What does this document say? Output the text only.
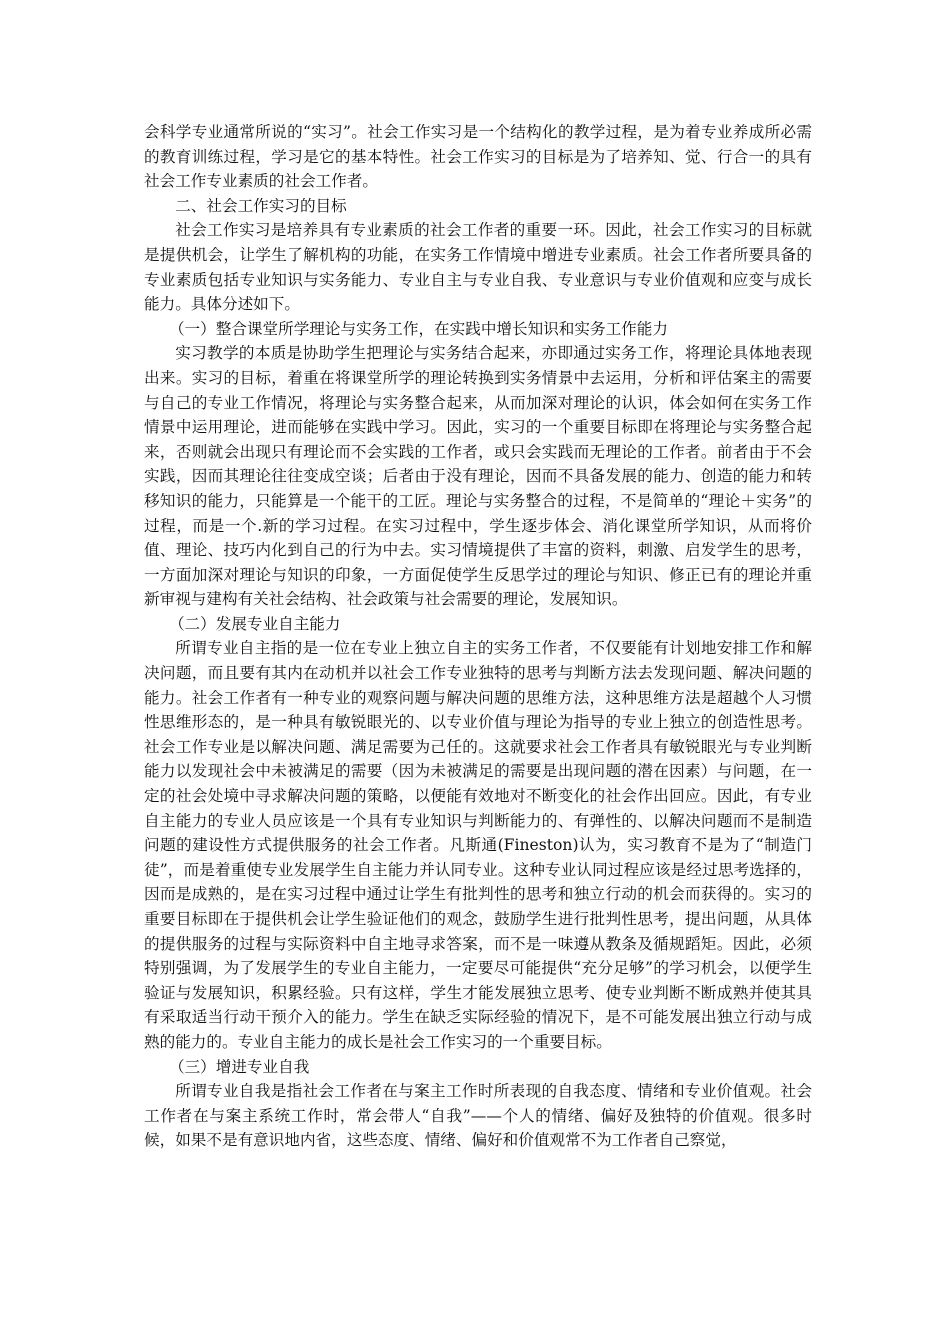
会科学专业通常所说的“实习”。社会工作实习是一个结构化的教学过程，是为着专业养成所必需的教育训练过程，学习是它的基本特性。社会工作实习的目标是为了培养知、觉、行合一的具有社会工作专业素质的社会工作者。

二、社会工作实习的目标

社会工作实习是培养具有专业素质的社会工作者的重要一环。因此，社会工作实习的目标就是提供机会，让学生了解机构的功能，在实务工作情境中增进专业素质。社会工作者所要具备的专业素质包括专业知识与实务能力、专业自主与专业自我、专业意识与专业价值观和应变与成长能力。具体分述如下。

（一）整合课堂所学理论与实务工作，在实践中增长知识和实务工作能力

实习教学的本质是协助学生把理论与实务结合起来，亦即通过实务工作，将理论具体地表现出来。实习的目标，着重在将课堂所学的理论转换到实务情景中去运用，分析和评估案主的需要与自己的专业工作情况，将理论与实务整合起来，从而加深对理论的认识，体会如何在实务工作情景中运用理论，进而能够在实践中学习。因此，实习的一个重要目标即在将理论与实务整合起来，否则就会出现只有理论而不会实践的工作者，或只会实践而无理论的工作者。前者由于不会实践，因而其理论往往变成空谈；后者由于没有理论，因而不具备发展的能力、创造的能力和转移知识的能力，只能算是一个能干的工匠。理论与实务整合的过程，不是简单的“理论＋实务”的过程，而是一个.新的学习过程。在实习过程中，学生逐步体会、消化课堂所学知识，从而将价值、理论、技巧内化到自己的行为中去。实习情境提供了丰富的资料，刺激、启发学生的思考，一方面加深对理论与知识的印象，一方面促使学生反思学过的理论与知识、修正已有的理论并重新审视与建构有关社会结构、社会政策与社会需要的理论，发展知识。

（二）发展专业自主能力

所谓专业自主指的是一位在专业上独立自主的实务工作者，不仅要能有计划地安排工作和解决问题，而且要有其内在动机并以社会工作专业独特的思考与判断方法去发现问题、解决问题的能力。社会工作者有一种专业的观察问题与解决问题的思维方法，这种思维方法是超越个人习惯性思维形态的，是一种具有敏锐眼光的、以专业价值与理论为指导的专业上独立的创造性思考。社会工作专业是以解决问题、满足需要为己任的。这就要求社会工作者具有敏锐眼光与专业判断能力以发现社会中未被满足的需要（因为未被满足的需要是出现问题的潜在因素）与问题，在一定的社会处境中寻求解决问题的策略，以便能有效地对不断变化的社会作出回应。因此，有专业自主能力的专业人员应该是一个具有专业知识与判断能力的、有弹性的、以解决问题而不是制造问题的建设性方式提供服务的社会工作者。凡斯通(Fineston)认为，实习教育不是为了“制造门徒”，而是着重使专业发展学生自主能力并认同专业。这种专业认同过程应该是经过思考选择的，因而是成熟的，是在实习过程中通过让学生有批判性的思考和独立行动的机会而获得的。实习的重要目标即在于提供机会让学生验证他们的观念，鼓励学生进行批判性思考，提出问题，从具体的提供服务的过程与实际资料中自主地寻求答案，而不是一味遵从教条及循规蹈矩。因此，必须特别强调，为了发展学生的专业自主能力，一定要尽可能提供“充分足够”的学习机会，以便学生验证与发展知识，积累经验。只有这样，学生才能发展独立思考、使专业判断不断成熟并使其具有采取适当行动干预介入的能力。学生在缺乏实际经验的情况下，是不可能发展出独立行动与成熟的能力的。专业自主能力的成长是社会工作实习的一个重要目标。

（三）增进专业自我

所谓专业自我是指社会工作者在与案主工作时所表现的自我态度、情绪和专业价值观。社会工作者在与案主系统工作时，常会带人“自我”——个人的情绪、偏好及独特的价值观。很多时候，如果不是有意识地内省，这些态度、情绪、偏好和价值观常不为工作者自己察觉，
